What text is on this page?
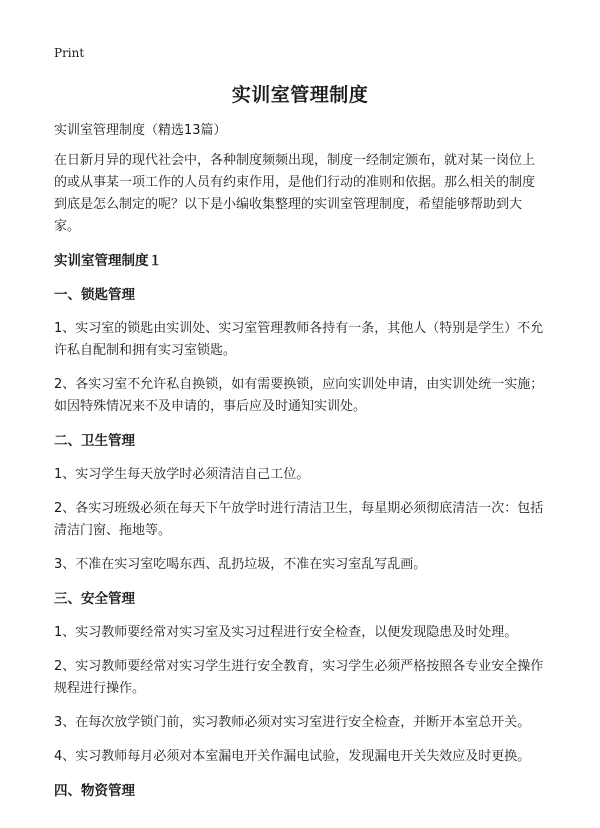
Print
实训室管理制度

实训室管理制度（精选13篇）

在日新月异的现代社会中，各种制度频频出现，制度一经制定颁布，就对某一岗位上的或从事某一项工作的人员有约束作用，是他们行动的准则和依据。那么相关的制度到底是怎么制定的呢？以下是小编收集整理的实训室管理制度，希望能够帮助到大家。

实训室管理制度１
一、锁匙管理

1、实习室的锁匙由实训处、实习室管理教师各持有一条，其他人（特别是学生）不允许私自配制和拥有实习室锁匙。

2、各实习室不允许私自换锁，如有需要换锁，应向实训处申请，由实训处统一实施；如因特殊情况来不及申请的，事后应及时通知实训处。

二、卫生管理

1、实习学生每天放学时必须清洁自己工位。

2、各实习班级必须在每天下午放学时进行清洁卫生，每星期必须彻底清洁一次：包括清洁门窗、拖地等。

3、不准在实习室吃喝东西、乱扔垃圾，不准在实习室乱写乱画。

三、安全管理

1、实习教师要经常对实习室及实习过程进行安全检查，以便发现隐患及时处理。

2、实习教师要经常对实习学生进行安全教育，实习学生必须严格按照各专业安全操作规程进行操作。

3、在每次放学锁门前，实习教师必须对实习室进行安全检查，并断开本室总开关。

4、实习教师每月必须对本室漏电开关作漏电试验，发现漏电开关失效应及时更换。

四、物资管理
